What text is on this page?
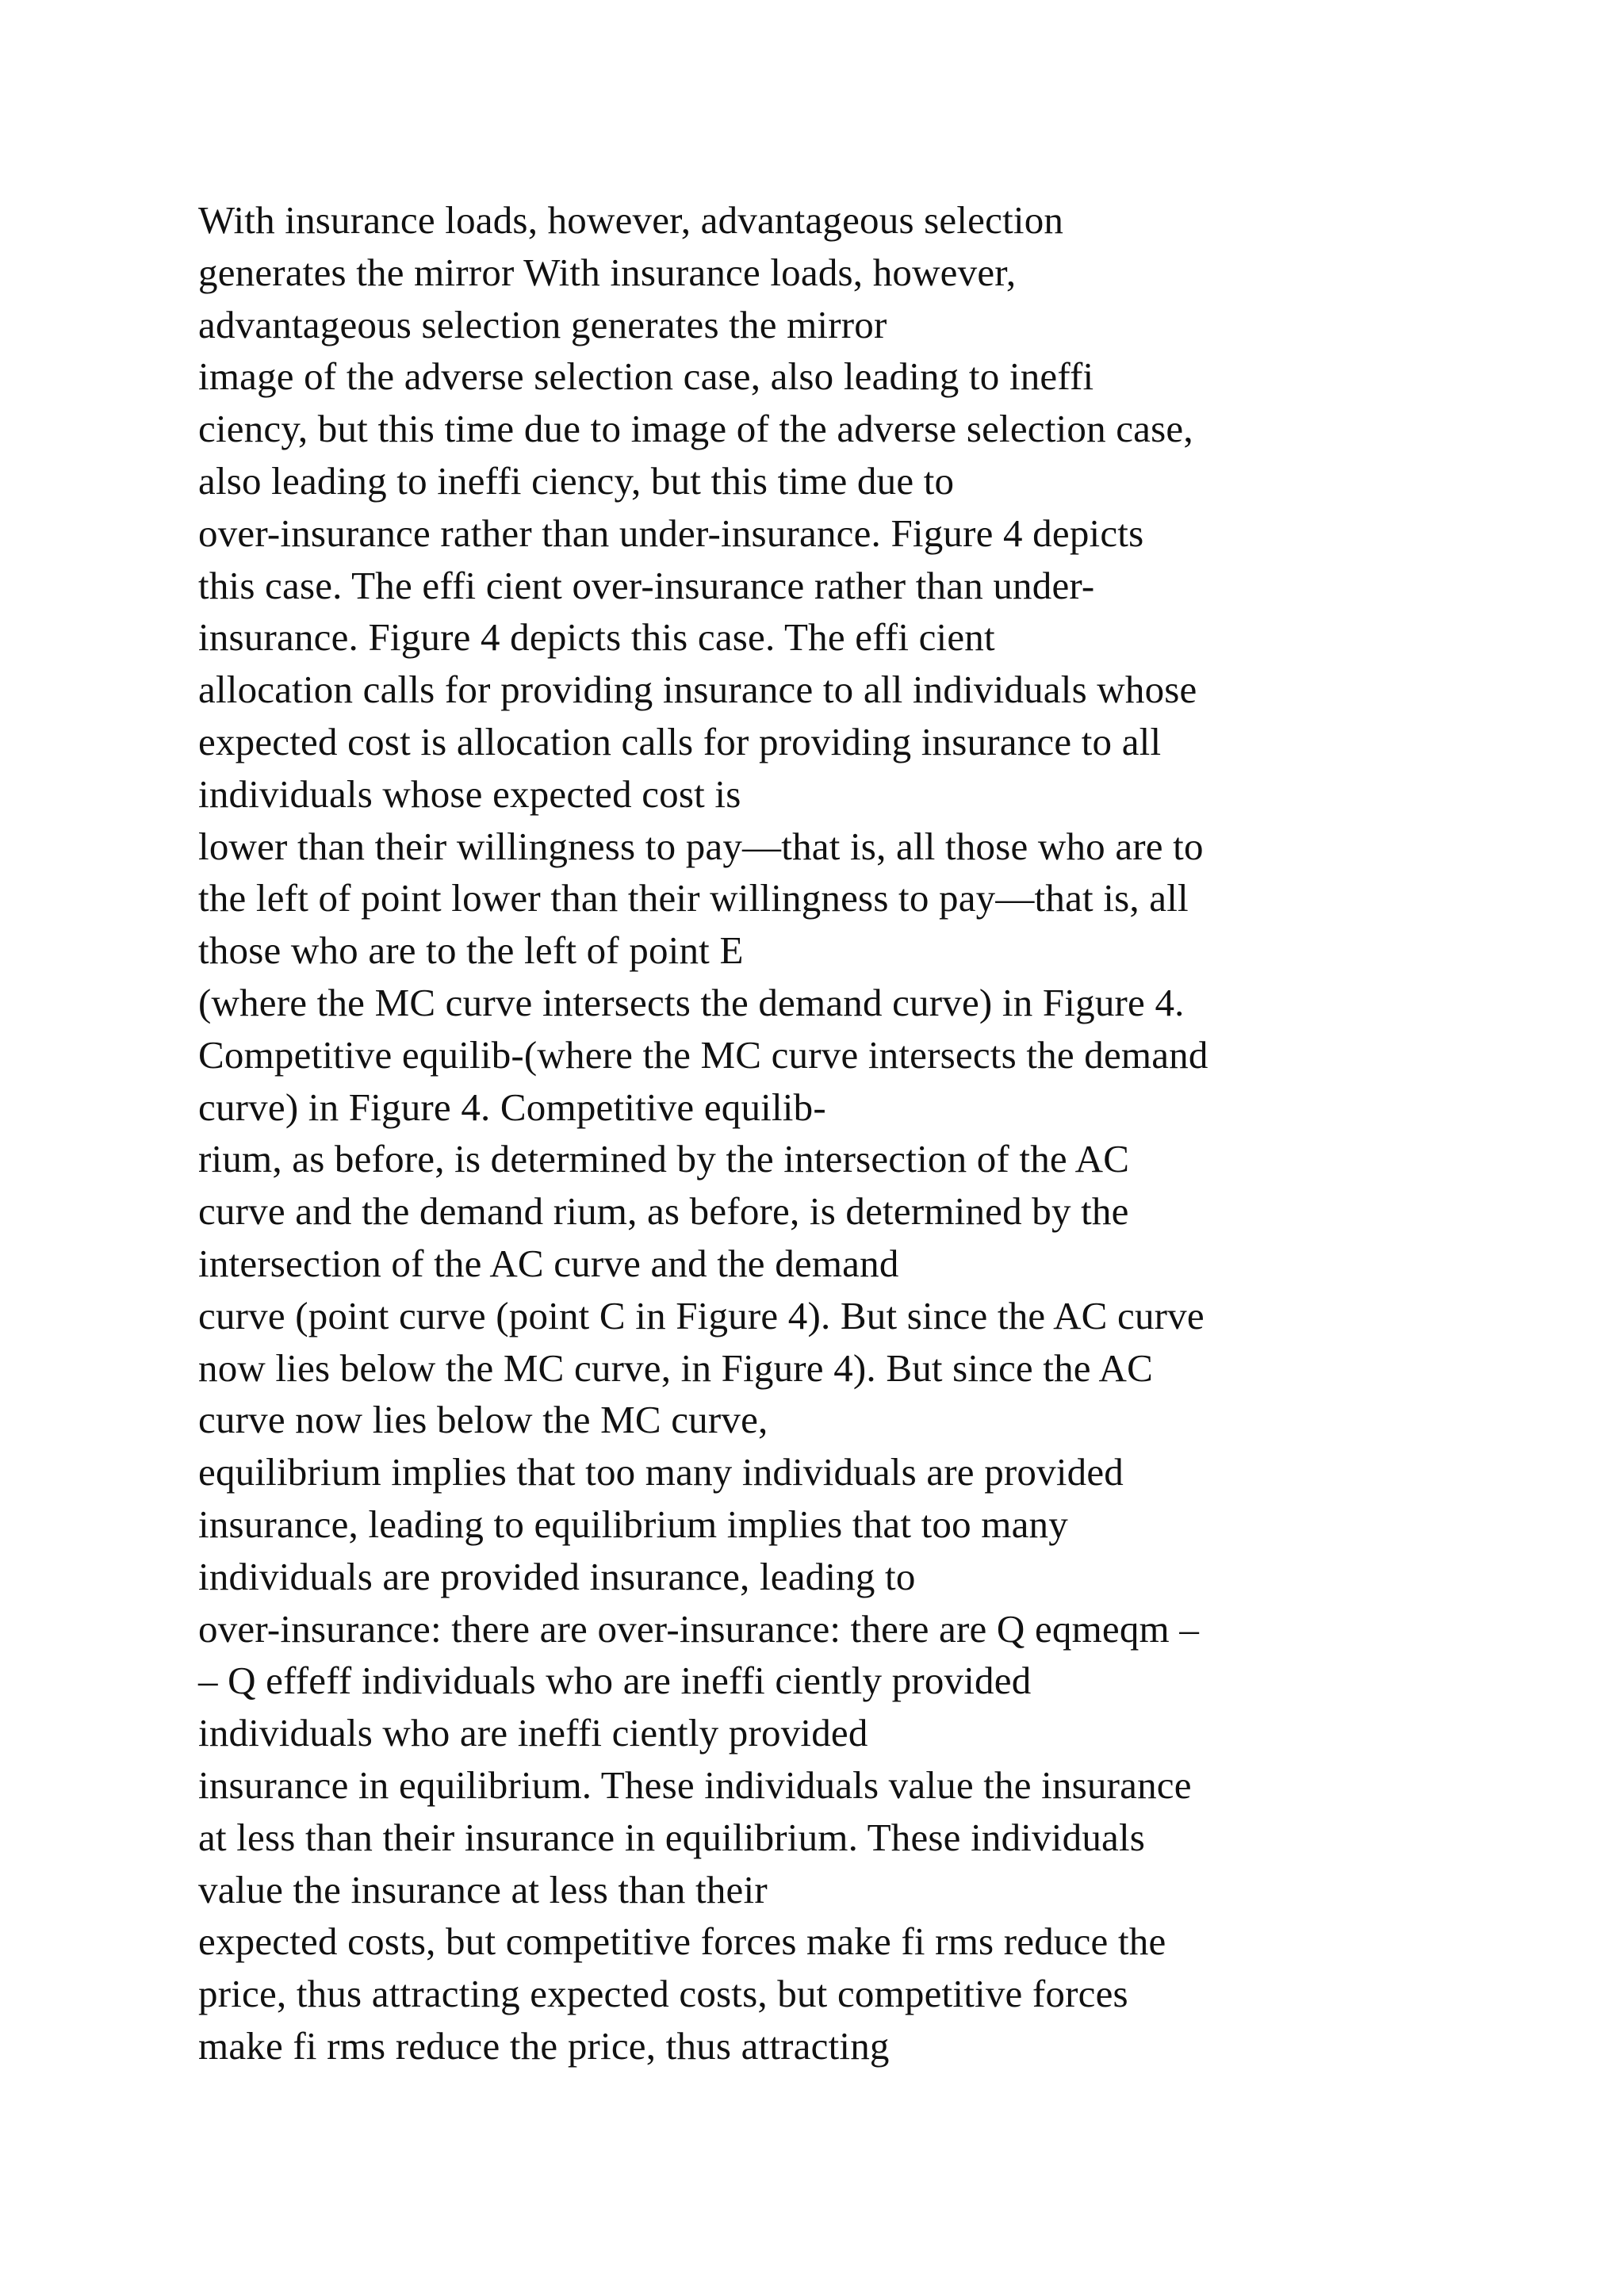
With insurance loads, however, advantageous selection
generates the mirror With insurance loads, however,
advantageous selection generates the mirror
image of the adverse selection case, also leading to ineffi
ciency, but this time due to image of the adverse selection case,
also leading to ineffi ciency, but this time due to
over-insurance rather than under-insurance. Figure 4 depicts
this case. The effi cient over-insurance rather than under-
insurance. Figure 4 depicts this case. The effi cient
allocation calls for providing insurance to all individuals whose
expected cost is allocation calls for providing insurance to all
individuals whose expected cost is
lower than their willingness to pay—that is, all those who are to
the left of point lower than their willingness to pay—that is, all
those who are to the left of point E
(where the MC curve intersects the demand curve) in Figure 4.
Competitive equilib-(where the MC curve intersects the demand
curve) in Figure 4. Competitive equilib-
rium, as before, is determined by the intersection of the AC
curve and the demand rium, as before, is determined by the
intersection of the AC curve and the demand
curve (point curve (point C in Figure 4). But since the AC curve
now lies below the MC curve, in Figure 4). But since the AC
curve now lies below the MC curve,
equilibrium implies that too many individuals are provided
insurance, leading to equilibrium implies that too many
individuals are provided insurance, leading to
over-insurance: there are over-insurance: there are Q eqmeqm –
– Q effeff individuals who are ineffi ciently provided
individuals who are ineffi ciently provided
insurance in equilibrium. These individuals value the insurance
at less than their insurance in equilibrium. These individuals
value the insurance at less than their
expected costs, but competitive forces make fi rms reduce the
price, thus attracting expected costs, but competitive forces
make fi rms reduce the price, thus attracting
